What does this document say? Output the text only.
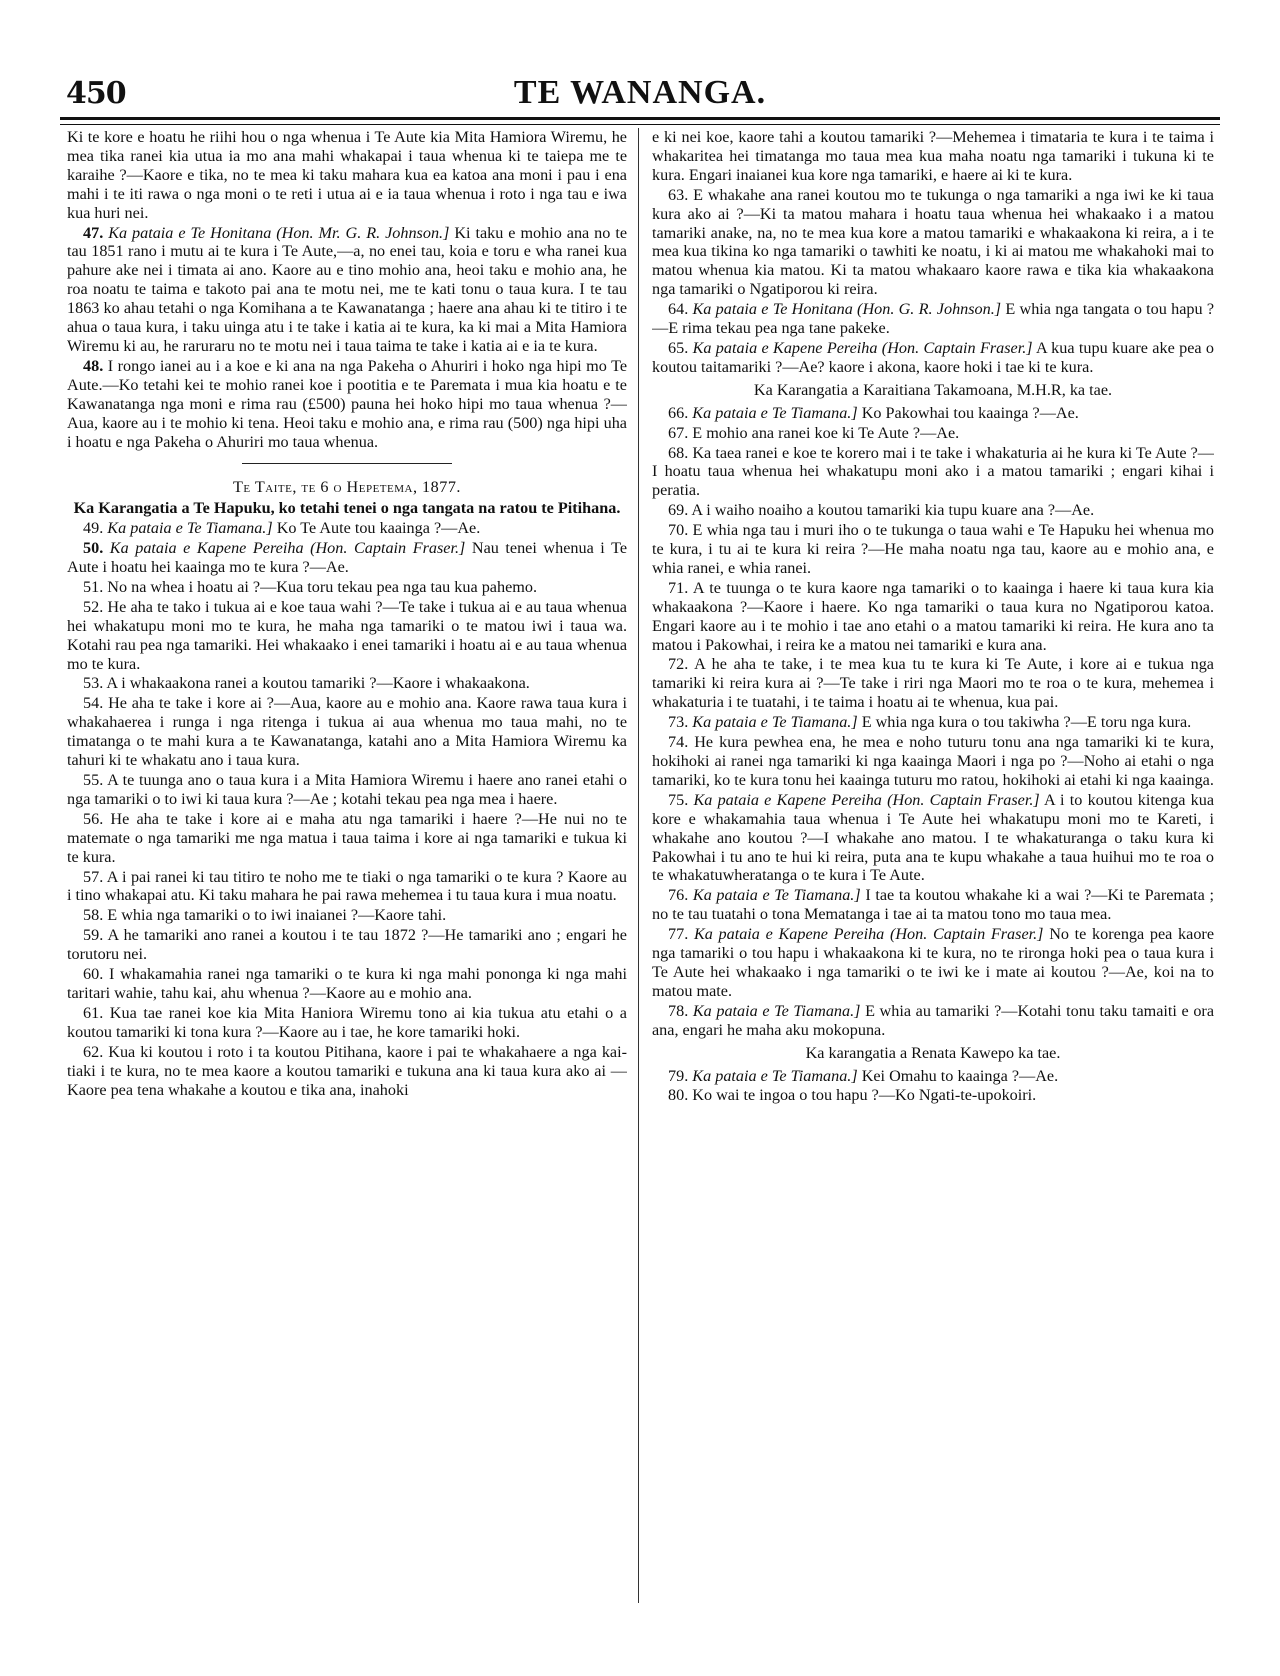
450	TE WANANGA.

Ki te kore e hoatu he riihi hou o nga whenua i Te Aute kia Mita Hamiora Wiremu, he mea tika ranei kia utua ia mo ana mahi whakapai i taua whenua ki te taiepa me te karaihe ?—Kaore e tika, no te mea ki taku mahara kua ea katoa ana moni i pau i ena mahi i te iti rawa o nga moni o te reti i utua ai e ia taua whenua i roto i nga tau e iwa kua huri nei.

47. Ka pataia e Te Honitana (Hon. Mr. G. R. Johnson.] Ki taku e mohio ana no te tau 1851 rano i mutu ai te kura i Te Aute,—a, no enei tau, koia e toru e wha ranei kua pahure ake nei i timata ai ano. Kaore au e tino mohio ana, heoi taku e mohio ana, he roa noatu te taima e takoto pai ana te motu nei, me te kati tonu o taua kura. I te tau 1863 ko ahau tetahi o nga Komihana a te Kawanatanga ; haere ana ahau ki te titiro i te ahua o taua kura, i taku uinga atu i te take i katia ai te kura, ka ki mai a Mita Hamiora Wiremu ki au, he raruraru no te motu nei i taua taima te take i katia ai e ia te kura.

48. I rongo ianei au i a koe e ki ana na nga Pakeha o Ahuriri i hoko nga hipi mo Te Aute.—Ko tetahi kei te mohio ranei koe i pootitia e te Paremata i mua kia hoatu e te Kawanatanga nga moni e rima rau (£500) pauna hei hoko hipi mo taua whenua ?—Aua, kaore au i te mohio ki tena. Heoi taku e mohio ana, e rima rau (500) nga hipi uha i hoatu e nga Pakeha o Ahuriri mo taua whenua.

Te Taite, te 6 o Hepetema, 1877.

Ka Karangatia a Te Hapuku, ko tetahi tenei o nga tangata na ratou te Pitihana.

49. Ka pataia e Te Tiamana.] Ko Te Aute tou kaainga ?—Ae.

50. Ka pataia e Kapene Pereiha (Hon. Captain Fraser.] Nau tenei whenua i Te Aute i hoatu hei kaainga mo te kura ?—Ae.

51. No na whea i hoatu ai ?—Kua toru tekau pea nga tau kua pahemo.

52. He aha te tako i tukua ai e koe taua wahi ?—Te take i tukua ai e au taua whenua hei whakatupu moni mo te kura, he maha nga tamariki o te matou iwi i taua wa. Kotahi rau pea nga tamariki. Hei whakaako i enei tamariki i hoatu ai e au taua whenua mo te kura.

53. A i whakaakona ranei a koutou tamariki ?—Kaore i whakaakona.

54. He aha te take i kore ai ?—Aua, kaore au e mohio ana. Kaore rawa taua kura i whakahaerea i runga i nga ritenga i tukua ai aua whenua mo taua mahi, no te timatanga o te mahi kura a te Kawanatanga, katahi ano a Mita Hamiora Wiremu ka tahuri ki te whakatu ano i taua kura.

55. A te tuunga ano o taua kura i a Mita Hamiora Wiremu i haere ano ranei etahi o nga tamariki o to iwi ki taua kura ?—Ae ; kotahi tekau pea nga mea i haere.

56. He aha te take i kore ai e maha atu nga tamariki i haere ?—He nui no te matemate o nga tamariki me nga matua i taua taima i kore ai nga tamariki e tukua ki te kura.

57. A i pai ranei ki tau titiro te noho me te tiaki o nga tamariki o te kura ? Kaore au i tino whakapai atu. Ki taku mahara he pai rawa mehemea i tu taua kura i mua noatu.

58. E whia nga tamariki o to iwi inaianei ?—Kaore tahi.

59. A he tamariki ano ranei a koutou i te tau 1872 ?—He tamariki ano ; engari he torutoru nei.

60. I whakamahia ranei nga tamariki o te kura ki nga mahi pononga ki nga mahi taritari wahie, tahu kai, ahu whenua ?—Kaore au e mohio ana.

61. Kua tae ranei koe kia Mita Haniora Wiremu tono ai kia tukua atu etahi o a koutou tamariki ki tona kura ?—Kaore au i tae, he kore tamariki hoki.

62. Kua ki koutou i roto i ta koutou Pitihana, kaore i pai te whakahaere a nga kai-tiaki i te kura, no te mea kaore a koutou tamariki e tukuna ana ki taua kura ako ai —Kaore pea tena whakahe a koutou e tika ana, inahoki

e ki nei koe, kaore tahi a koutou tamariki ?—Mehemea i timataria te kura i te taima i whakaritea hei timatanga mo taua mea kua maha noatu nga tamariki i tukuna ki te kura. Engari inaianei kua kore nga tamariki, e haere ai ki te kura.

63. E whakahe ana ranei koutou mo te tukunga o nga tamariki a nga iwi ke ki taua kura ako ai ?—Ki ta matou mahara i hoatu taua whenua hei whakaako i a matou tamariki anake, na, no te mea kua kore a matou tamariki e whakaakona ki reira, a i te mea kua tikina ko nga tamariki o tawhiti ke noatu, i ki ai matou me whakahoki mai to matou whenua kia matou. Ki ta matou whakaaro kaore rawa e tika kia whakaakona nga tamariki o Ngatiporou ki reira.

64. Ka pataia e Te Honitana (Hon. G. R. Johnson.] E whia nga tangata o tou hapu ?—E rima tekau pea nga tane pakeke.

65. Ka pataia e Kapene Pereiha (Hon. Captain Fraser.] A kua tupu kuare ake pea o koutou taitamariki ?—Ae? kaore i akona, kaore hoki i tae ki te kura.

Ka Karangatia a Karaitiana Takamoana, M.H.R, ka tae.

66. Ka pataia e Te Tiamana.] Ko Pakowhai tou kaainga ?—Ae.

67. E mohio ana ranei koe ki Te Aute ?—Ae.

68. Ka taea ranei e koe te korero mai i te take i whakaturia ai he kura ki Te Aute ?—I hoatu taua whenua hei whakatupu moni ako i a matou tamariki ; engari kihai i peratia.

69. A i waiho noaiho a koutou tamariki kia tupu kuare ana ?—Ae.

70. E whia nga tau i muri iho o te tukunga o taua wahi e Te Hapuku hei whenua mo te kura, i tu ai te kura ki reira ?—He maha noatu nga tau, kaore au e mohio ana, e whia ranei, e whia ranei.

71. A te tuunga o te kura kaore nga tamariki o to kaainga i haere ki taua kura kia whakaakona ?—Kaore i haere. Ko nga tamariki o taua kura no Ngatiporou katoa. Engari kaore au i te mohio i tae ano etahi o a matou tamariki ki reira. He kura ano ta matou i Pakowhai, i reira ke a matou nei tamariki e kura ana.

72. A he aha te take, i te mea kua tu te kura ki Te Aute, i kore ai e tukua nga tamariki ki reira kura ai ?—Te take i riri nga Maori mo te roa o te kura, mehemea i whakaturia i te tuatahi, i te taima i hoatu ai te whenua, kua pai.

73. Ka pataia e Te Tiamana.] E whia nga kura o tou takiwha ?—E toru nga kura.

74. He kura pewhea ena, he mea e noho tuturu tonu ana nga tamariki ki te kura, hokihoki ai ranei nga tamariki ki nga kaainga Maori i nga po ?—Noho ai etahi o nga tamariki, ko te kura tonu hei kaainga tuturu mo ratou, hokihoki ai etahi ki nga kaainga.

75. Ka pataia e Kapene Pereiha (Hon. Captain Fraser.] A i to koutou kitenga kua kore e whakamahia taua whenua i Te Aute hei whakatupu moni mo te Kareti, i whakahe ano koutou ?—I whakahe ano matou. I te whakaturanga o taku kura ki Pakowhai i tu ano te hui ki reira, puta ana te kupu whakahe a taua huihui mo te roa o te whakatuwheratanga o te kura i Te Aute.

76. Ka pataia e Te Tiamana.] I tae ta koutou whakahe ki a wai ?—Ki te Paremata ; no te tau tuatahi o tona Mematanga i tae ai ta matou tono mo taua mea.

77. Ka pataia e Kapene Pereiha (Hon. Captain Fraser.] No te korenga pea kaore nga tamariki o tou hapu i whakaakona ki te kura, no te rironga hoki pea o taua kura i Te Aute hei whakaako i nga tamariki o te iwi ke i mate ai koutou ?—Ae, koi na to matou mate.

78. Ka pataia e Te Tiamana.] E whia au tamariki ?—Kotahi tonu taku tamaiti e ora ana, engari he maha aku mokopuna.

Ka karangatia a Renata Kawepo ka tae.

79. Ka pataia e Te Tiamana.] Kei Omahu to kaainga ?—Ae.

80. Ko wai te ingoa o tou hapu ?—Ko Ngati-te-upokoiri.
